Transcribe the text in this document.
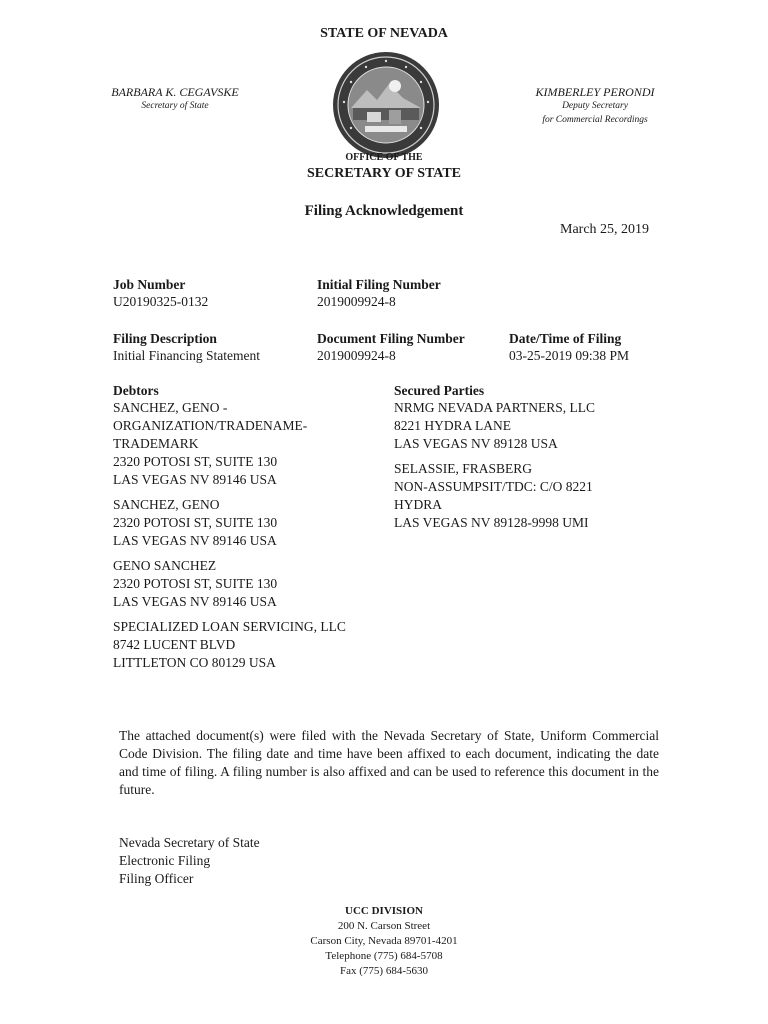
STATE OF NEVADA
BARBARA K. CEGAVSKE
Secretary of State
KIMBERLEY PERONDI
Deputy Secretary
for Commercial Recordings
OFFICE OF THE
SECRETARY OF STATE
Filing Acknowledgement
March 25, 2019
Job Number
U20190325-0132
Initial Filing Number
2019009924-8
Filing Description
Initial Financing Statement
Document Filing Number
2019009924-8
Date/Time of Filing
03-25-2019 09:38 PM
Debtors
SANCHEZ, GENO -
ORGANIZATION/TRADENAME-
TRADEMARK
2320 POTOSI ST, SUITE 130
LAS VEGAS NV 89146 USA
SANCHEZ, GENO
2320 POTOSI ST, SUITE 130
LAS VEGAS NV 89146 USA
GENO SANCHEZ
2320 POTOSI ST, SUITE 130
LAS VEGAS NV 89146 USA
SPECIALIZED LOAN SERVICING, LLC
8742 LUCENT BLVD
LITTLETON CO 80129 USA
Secured Parties
NRMG NEVADA PARTNERS, LLC
8221 HYDRA LANE
LAS VEGAS NV 89128 USA
SELASSIE, FRASBERG
NON-ASSUMPSIT/TDC: C/O 8221
HYDRA
LAS VEGAS NV 89128-9998 UMI
The attached document(s) were filed with the Nevada Secretary of State, Uniform Commercial Code Division. The filing date and time have been affixed to each document, indicating the date and time of filing. A filing number is also affixed and can be used to reference this document in the future.
Nevada Secretary of State
Electronic Filing
Filing Officer
UCC DIVISION
200 N. Carson Street
Carson City, Nevada 89701-4201
Telephone (775) 684-5708
Fax (775) 684-5630
